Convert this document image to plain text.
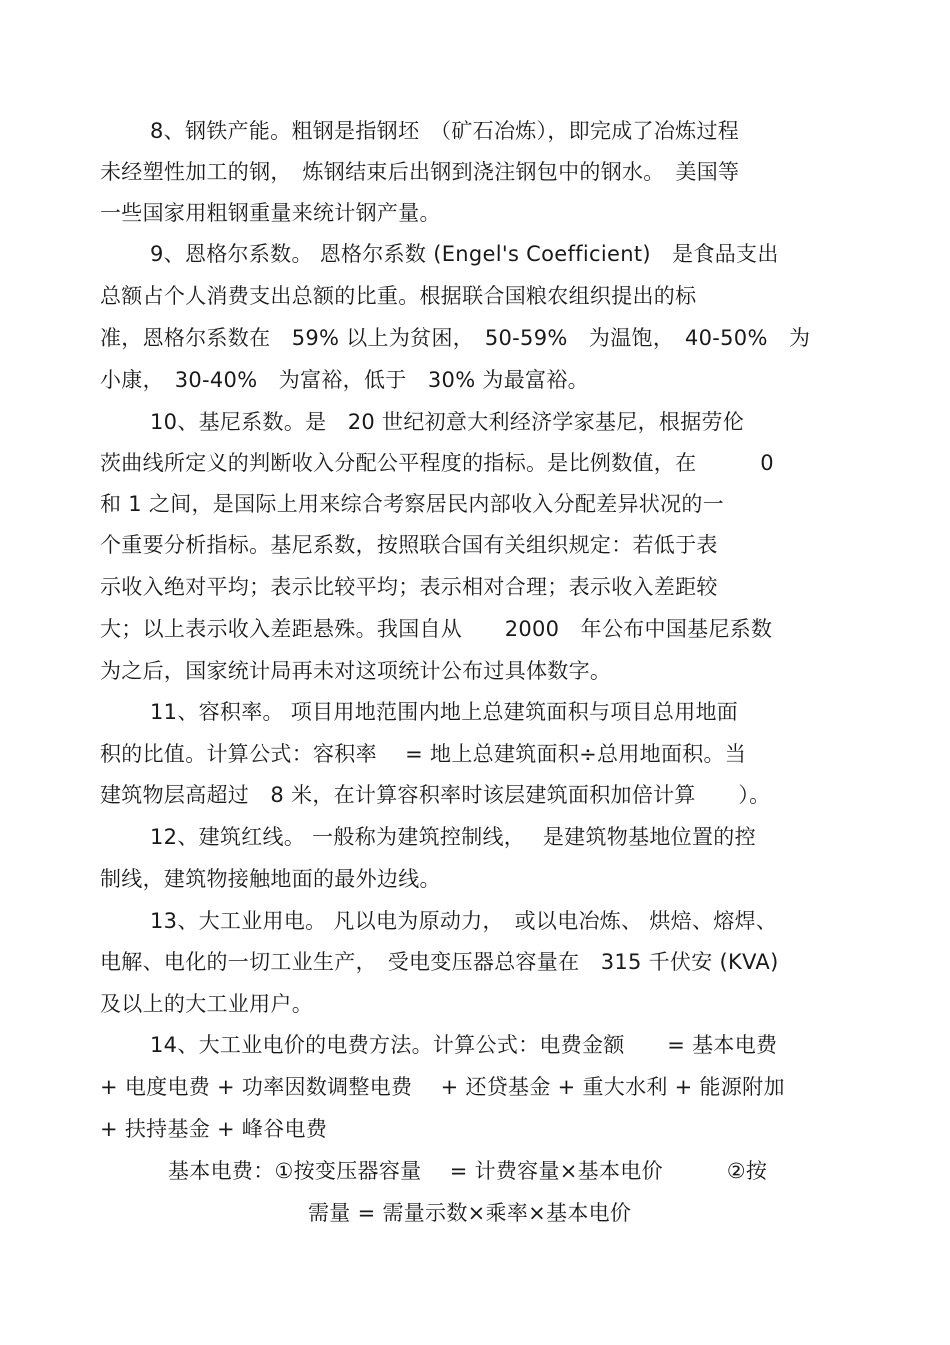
8、钢铁产能。粗钢是指钢坯　（矿石冶炼），即完成了冶炼过程
未经塑性加工的钢，　炼钢结束后出钢到浇注钢包中的钢水。　美国等
一些国家用粗钢重量来统计钢产量。
9、恩格尔系数。 恩格尔系数 (Engel's Coefficient)　是食品支出
总额占个人消费支出总额的比重。根据联合国粮农组织提出的标
准，恩格尔系数在　59% 以上为贫困，　50-59%　为温饱，　40-50%　为
小康，　30-40%　为富裕，低于　30% 为最富裕。
10、基尼系数。是　20 世纪初意大利经济学家基尼，根据劳伦
茨曲线所定义的判断收入分配公平程度的指标。是比例数值，在　　　0
和 1 之间，是国际上用来综合考察居民内部收入分配差异状况的一
个重要分析指标。基尼系数，按照联合国有关组织规定：若低于表
示收入绝对平均；表示比较平均；表示相对合理；表示收入差距较
大；以上表示收入差距悬殊。我国自从　　2000　年公布中国基尼系数
为之后，国家统计局再未对这项统计公布过具体数字。
11、容积率。 项目用地范围内地上总建筑面积与项目总用地面
积的比值。计算公式：容积率　 = 地上总建筑面积÷总用地面积。当
建筑物层高超过　8 米，在计算容积率时该层建筑面积加倍计算　　）。
12、建筑红线。 一般称为建筑控制线，　 是建筑物基地位置的控
制线，建筑物接触地面的最外边线。
13、大工业用电。 凡以电为原动力，　或以电冶炼、 烘焙、熔焊、
电解、电化的一切工业生产，　受电变压器总容量在　315 千伏安 (KVA)
及以上的大工业用户。
14、大工业电价的电费方法。计算公式：电费金额　　= 基本电费
+ 电度电费 + 功率因数调整电费　 + 还贷基金 + 重大水利 + 能源附加
+ 扶持基金 + 峰谷电费
基本电费：①按变压器容量　 = 计费容量×基本电价　　　②按
需量 = 需量示数×乘率×基本电价
